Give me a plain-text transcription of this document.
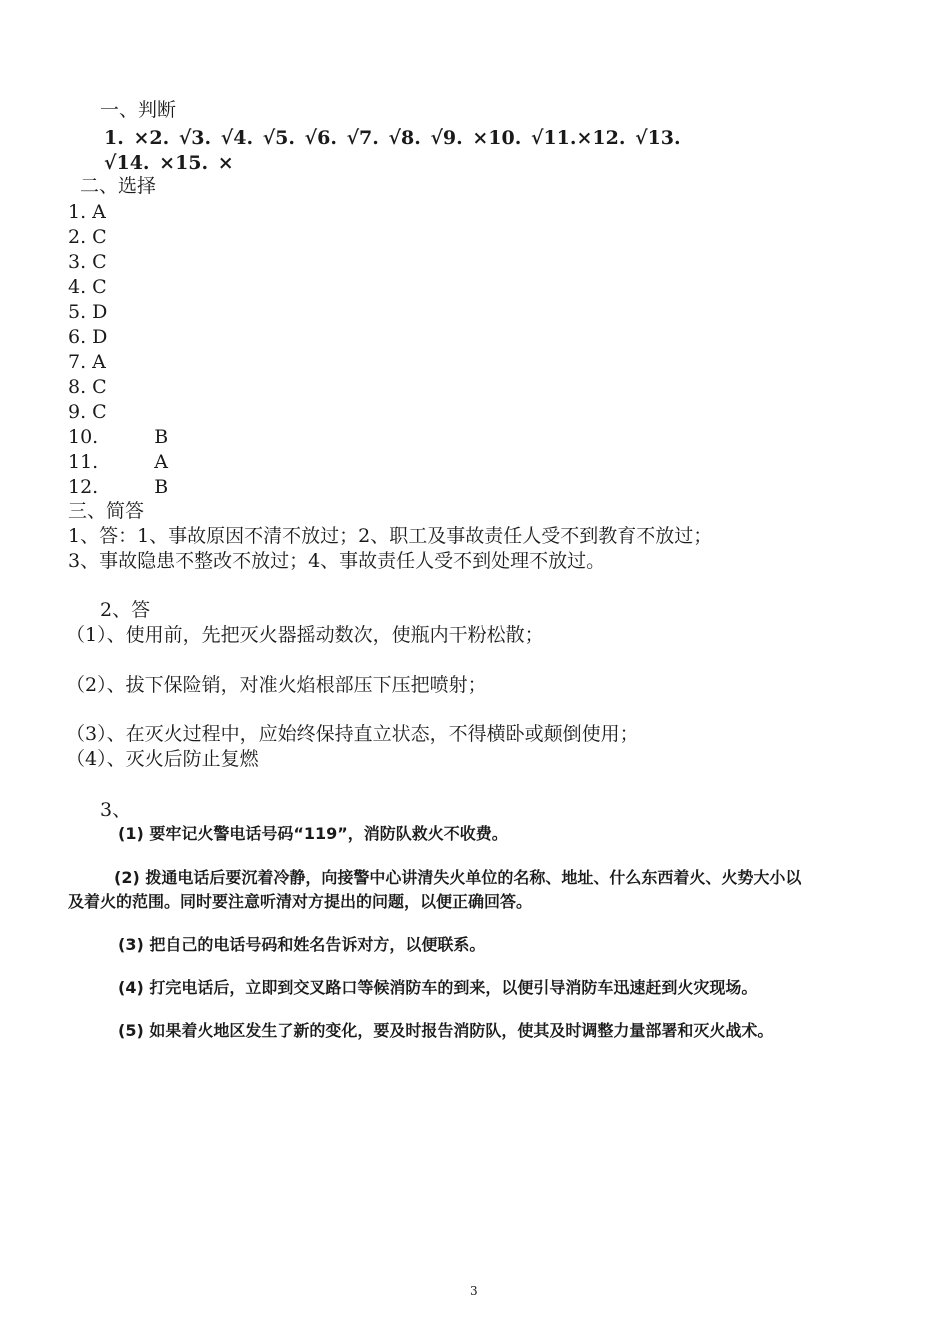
一、判断
1. ×2. √3. √4. √5. √6. √7. √8. √9. ×10. √11.×12. √13.
√14. ×15. ×
二、选择
1. A
2. C
3. C
4. C
5. D
6. D
7. A
8. C
9. C
10.  B
11.  A
12.  B
三、简答
1、答：1、事故原因不清不放过；2、职工及事故责任人受不到教育不放过；
3、事故隐患不整改不放过；4、事故责任人受不到处理不放过。
2、答
（1）、使用前，先把灭火器摇动数次，使瓶内干粉松散；
（2）、拔下保险销，对准火焰根部压下压把喷射；
（3）、在灭火过程中，应始终保持直立状态，不得横卧或颠倒使用；
（4）、灭火后防止复燃
3、
(1) 要牢记火警电话号码“119”，消防队救火不收费。
(2) 拨通电话后要沉着冷静，向接警中心讲清失火单位的名称、地址、什么东西着火、火势大小以
及着火的范围。同时要注意听清对方提出的问题，以便正确回答。
(3) 把自己的电话号码和姓名告诉对方，以便联系。
(4) 打完电话后，立即到交叉路口等候消防车的到来，以便引导消防车迅速赶到火灾现场。
(5) 如果着火地区发生了新的变化，要及时报告消防队，使其及时调整力量部署和灭火战术。
3
